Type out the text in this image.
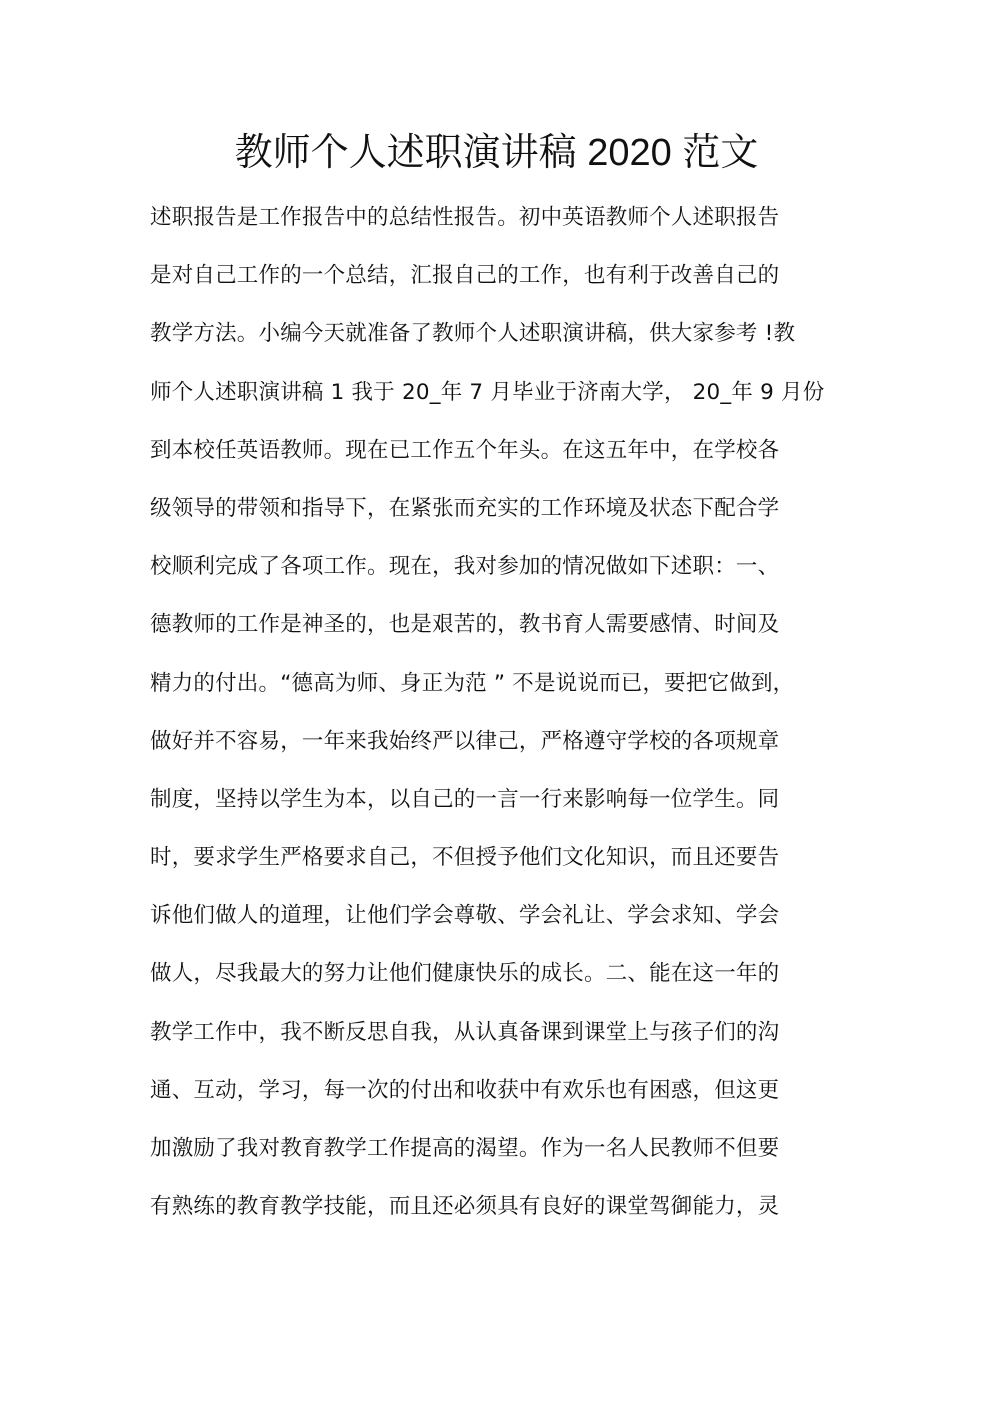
教师个人述职演讲稿 2020 范文
述职报告是工作报告中的总结性报告。初中英语教师个人述职报告
是对自己工作的一个总结，汇报自己的工作，也有利于改善自己的
教学方法。小编今天就准备了教师个人述职演讲稿，供大家参考 !教
师个人述职演讲稿 1 我于 20_年 7 月毕业于济南大学， 20_年 9 月份
到本校任英语教师。现在已工作五个年头。在这五年中，在学校各
级领导的带领和指导下，在紧张而充实的工作环境及状态下配合学
校顺利完成了各项工作。现在，我对参加的情况做如下述职：一、
德教师的工作是神圣的，也是艰苦的，教书育人需要感情、时间及
精力的付出。“德高为师、身正为范 ” 不是说说而已，要把它做到，
做好并不容易，一年来我始终严以律己，严格遵守学校的各项规章
制度，坚持以学生为本，以自己的一言一行来影响每一位学生。同
时，要求学生严格要求自己，不但授予他们文化知识，而且还要告
诉他们做人的道理，让他们学会尊敬、学会礼让、学会求知、学会
做人，尽我最大的努力让他们健康快乐的成长。二、能在这一年的
教学工作中，我不断反思自我，从认真备课到课堂上与孩子们的沟
通、互动，学习，每一次的付出和收获中有欢乐也有困惑，但这更
加激励了我对教育教学工作提高的渴望。作为一名人民教师不但要
有熟练的教育教学技能，而且还必须具有良好的课堂驾御能力，灵
